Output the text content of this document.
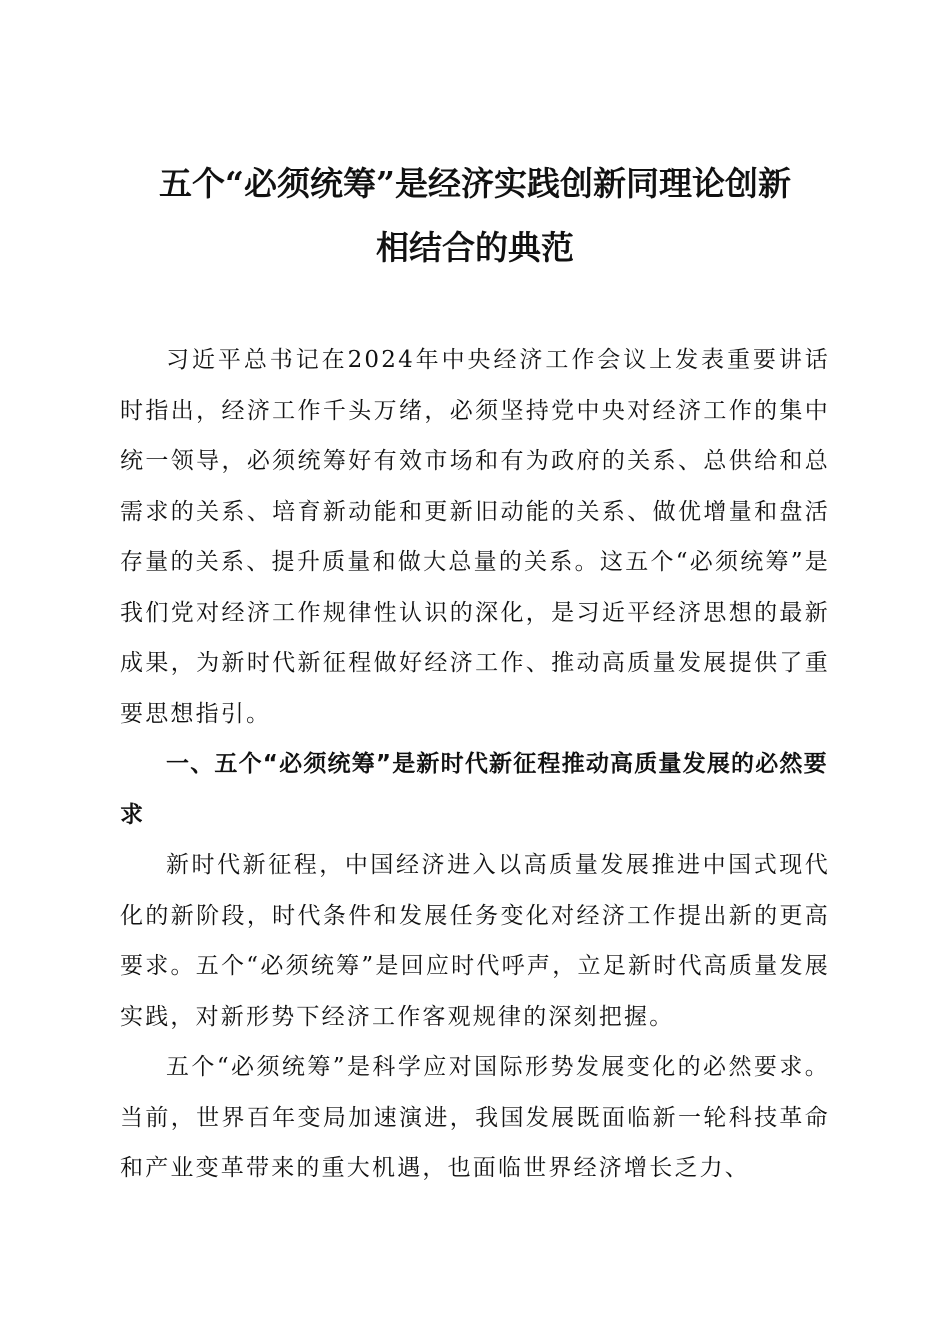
五个“必须统筹”是经济实践创新同理论创新
相结合的典范

习近平总书记在2024年中央经济工作会议上发表重要讲话时指出，经济工作千头万绪，必须坚持党中央对经济工作的集中统一领导，必须统筹好有效市场和有为政府的关系、总供给和总需求的关系、培育新动能和更新旧动能的关系、做优增量和盘活存量的关系、提升质量和做大总量的关系。这五个“必须统筹”是我们党对经济工作规律性认识的深化，是习近平经济思想的最新成果，为新时代新征程做好经济工作、推动高质量发展提供了重要思想指引。

一、五个“必须统筹”是新时代新征程推动高质量发展的必然要求

新时代新征程，中国经济进入以高质量发展推进中国式现代化的新阶段，时代条件和发展任务变化对经济工作提出新的更高要求。五个“必须统筹”是回应时代呼声，立足新时代高质量发展实践，对新形势下经济工作客观规律的深刻把握。

五个“必须统筹”是科学应对国际形势发展变化的必然要求。当前，世界百年变局加速演进，我国发展既面临新一轮科技革命和产业变革带来的重大机遇，也面临世界经济增长乏力、
